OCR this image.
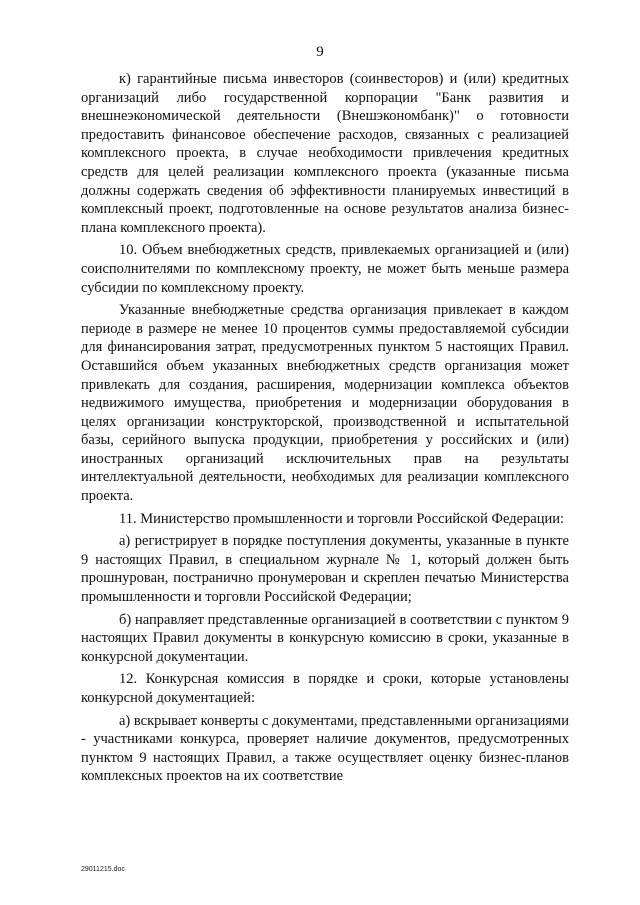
9

к) гарантийные письма инвесторов (соинвесторов) и (или) кредитных организаций либо государственной корпорации "Банк развития и внешнеэкономической деятельности (Внешэкономбанк)" о готовности предоставить финансовое обеспечение расходов, связанных с реализацией комплексного проекта, в случае необходимости привлечения кредитных средств для целей реализации комплексного проекта (указанные письма должны содержать сведения об эффективности планируемых инвестиций в комплексный проект, подготовленные на основе результатов анализа бизнес-плана комплексного проекта).

10. Объем внебюджетных средств, привлекаемых организацией и (или) соисполнителями по комплексному проекту, не может быть меньше размера субсидии по комплексному проекту.

Указанные внебюджетные средства организация привлекает в каждом периоде в размере не менее 10 процентов суммы предоставляемой субсидии для финансирования затрат, предусмотренных пунктом 5 настоящих Правил. Оставшийся объем указанных внебюджетных средств организация может привлекать для создания, расширения, модернизации комплекса объектов недвижимого имущества, приобретения и модернизации оборудования в целях организации конструкторской, производственной и испытательной базы, серийного выпуска продукции, приобретения у российских и (или) иностранных организаций исключительных прав на результаты интеллектуальной деятельности, необходимых для реализации комплексного проекта.

11. Министерство промышленности и торговли Российской Федерации:

а) регистрирует в порядке поступления документы, указанные в пункте 9 настоящих Правил, в специальном журнале № 1, который должен быть прошнурован, постранично пронумерован и скреплен печатью Министерства промышленности и торговли Российской Федерации;

б) направляет представленные организацией в соответствии с пунктом 9 настоящих Правил документы в конкурсную комиссию в сроки, указанные в конкурсной документации.

12. Конкурсная комиссия в порядке и сроки, которые установлены конкурсной документацией:

а) вскрывает конверты с документами, представленными организациями - участниками конкурса, проверяет наличие документов, предусмотренных пунктом 9 настоящих Правил, а также осуществляет оценку бизнес-планов комплексных проектов на их соответствие

29011215.doc
